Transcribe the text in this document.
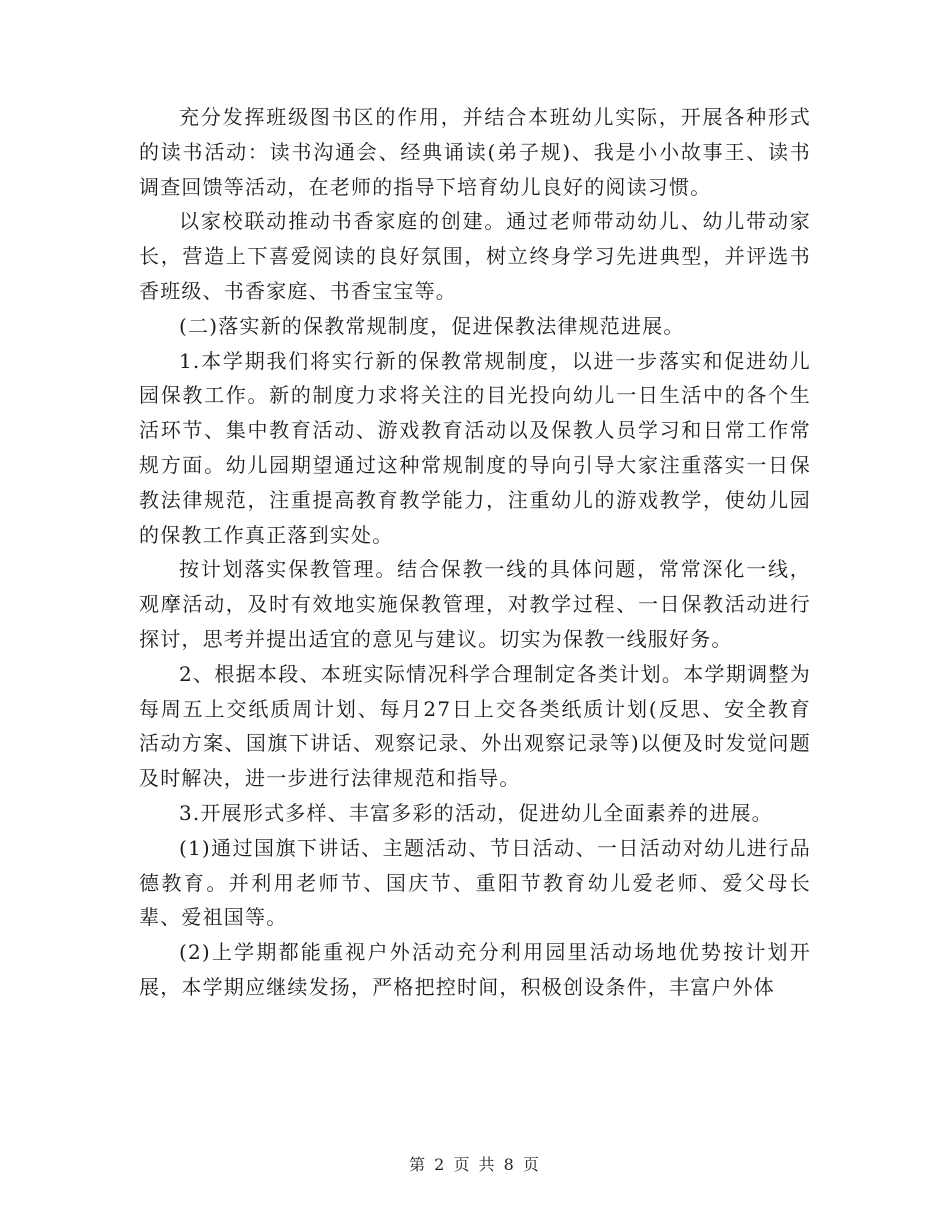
充分发挥班级图书区的作用，并结合本班幼儿实际，开展各种形式的读书活动：读书沟通会、经典诵读(弟子规)、我是小小故事王、读书调查回馈等活动，在老师的指导下培育幼儿良好的阅读习惯。

以家校联动推动书香家庭的创建。通过老师带动幼儿、幼儿带动家长，营造上下喜爱阅读的良好氛围，树立终身学习先进典型，并评选书香班级、书香家庭、书香宝宝等。

(二)落实新的保教常规制度，促进保教法律规范进展。

1.本学期我们将实行新的保教常规制度，以进一步落实和促进幼儿园保教工作。新的制度力求将关注的目光投向幼儿一日生活中的各个生活环节、集中教育活动、游戏教育活动以及保教人员学习和日常工作常规方面。幼儿园期望通过这种常规制度的导向引导大家注重落实一日保教法律规范，注重提高教育教学能力，注重幼儿的游戏教学，使幼儿园的保教工作真正落到实处。

按计划落实保教管理。结合保教一线的具体问题，常常深化一线，观摩活动，及时有效地实施保教管理，对教学过程、一日保教活动进行探讨，思考并提出适宜的意见与建议。切实为保教一线服好务。

2、根据本段、本班实际情况科学合理制定各类计划。本学期调整为每周五上交纸质周计划、每月27日上交各类纸质计划(反思、安全教育活动方案、国旗下讲话、观察记录、外出观察记录等)以便及时发觉问题及时解决，进一步进行法律规范和指导。

3.开展形式多样、丰富多彩的活动，促进幼儿全面素养的进展。

(1)通过国旗下讲话、主题活动、节日活动、一日活动对幼儿进行品德教育。并利用老师节、国庆节、重阳节教育幼儿爱老师、爱父母长辈、爱祖国等。

(2)上学期都能重视户外活动充分利用园里活动场地优势按计划开展，本学期应继续发扬，严格把控时间，积极创设条件，丰富户外体

第 2 页 共 8 页
